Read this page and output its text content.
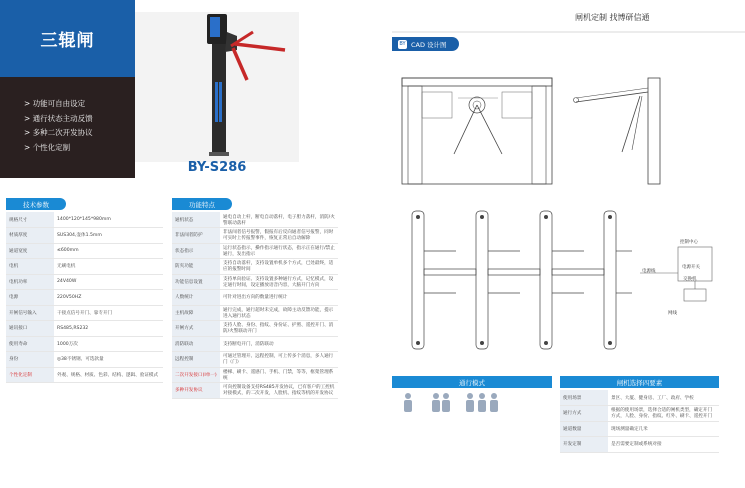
三辊闸
> 功能可自由设定
> 通行状态主动反馈
> 多种二次开发协议
> 个性化定制
BY-S286
闸机定制 找博研信通
BY CAD 设计图
控制中心
电源开关
交换机
电源线
网线
技术参数
规格尺寸	1400*120*145*980mm
材质厚度	SUS304,壶体1.5mm
通道宽度	≤600mm
电机	无刷电机
电机功率	24V40W
电源	220V50HZ
开闸信号输入	干接点信号开门、靠专开门
通讯接口	RS485,RS232
使用寿命	1000万次
身份	◎38不锈钢、可选款量
个性化定制	外观、规格、材质、色彩、结构、逻辑、验证模式
功能特点
通机状态	通电自动上杆，断电自动落杆，电子胆力落杆，消防/火警联动落杆
非法闯者防护	非法闯者信号报警，假报有后反向通者信号报警，同时可实时上传报警事件，恢复正常后自动解除
状态指示	运行状态指示，操作指示通行状态，指示正在通行/禁止通行，发出指示
防夹功能	支持自动落杆，支持设置单机多个方式，已处最终，适应的报警时间
功能信息设置	支持单向验证、支持设置多种通行方式，记忆模式，设定通行时间，设定播放语音内容，大脑开门方向
人数统计	可针对进出方向的数量进行统计
主机故障	通行完成，通行超时未完成，故障主动反馈功能，提示进入通行状态
开闸方式	支持人脸、身份、指纹、身份证、护照、遥控开门、消防/火警联动开门
消防联动	支持断电开门，消防联动
远程控制	可通过管理开、远程控制，可上传多个消息，多人通行门（门）
二次开发接口(I单一)	楼梯、刷卡、遥感门、手机、门禁，等等，框架管理系统
多种开发协议	可向控制设备支持RS485开发协议，已有客户的工控机对接模式，的二次开发，人脸机、指纹等机的开发协议
通行模式	闸机选择四要素
使用场景	景区、大厦、健身房、工厂、政府、学校
通行方式	根据的使用场景，选择合适的闸机类型，确定开门方式，人脸、身份、指纹、红外、刷卡、遥控开门
通道数量	现场测量确定几米
开发定制	是否需要定制或系统对接
